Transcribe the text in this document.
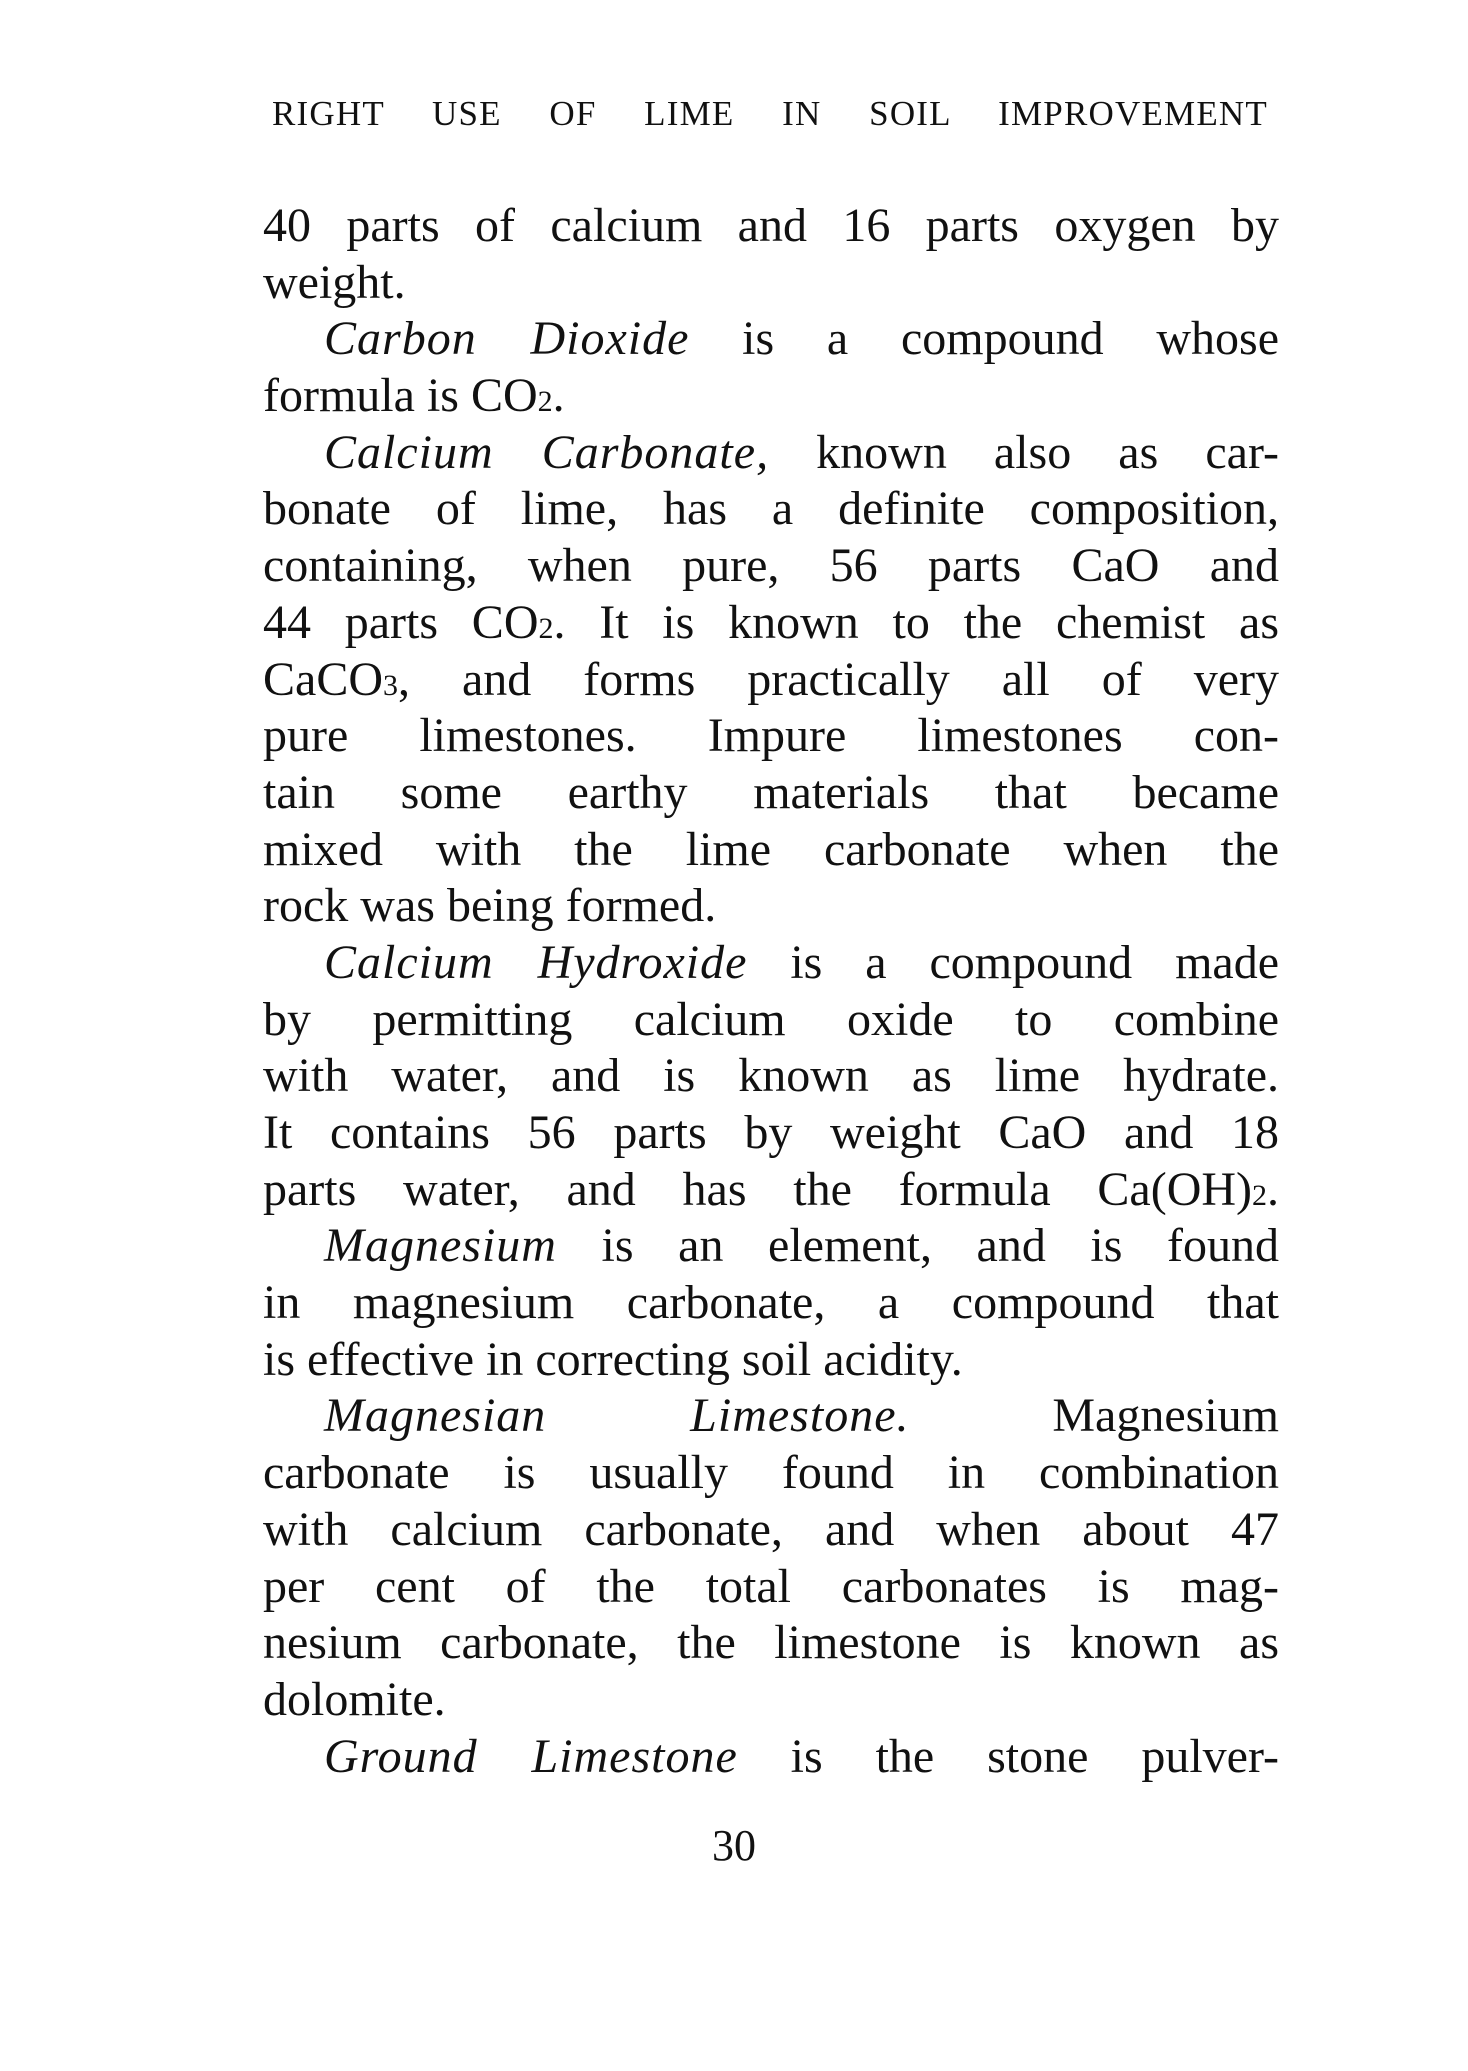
RIGHT USE OF LIME IN SOIL IMPROVEMENT
40 parts of calcium and 16 parts oxygen by
weight.
Carbon Dioxide is a compound whose
formula is CO2.
Calcium Carbonate, known also as car-
bonate of lime, has a definite composition,
containing, when pure, 56 parts CaO and
44 parts CO2. It is known to the chemist as
CaCO3, and forms practically all of very
pure limestones. Impure limestones con-
tain some earthy materials that became
mixed with the lime carbonate when the
rock was being formed.
Calcium Hydroxide is a compound made
by permitting calcium oxide to combine
with water, and is known as lime hydrate.
It contains 56 parts by weight CaO and 18
parts water, and has the formula Ca(OH)2.
Magnesium is an element, and is found
in magnesium carbonate, a compound that
is effective in correcting soil acidity.
Magnesian Limestone. Magnesium
carbonate is usually found in combination
with calcium carbonate, and when about 47
per cent of the total carbonates is mag-
nesium carbonate, the limestone is known as
dolomite.
Ground Limestone is the stone pulver-
30
